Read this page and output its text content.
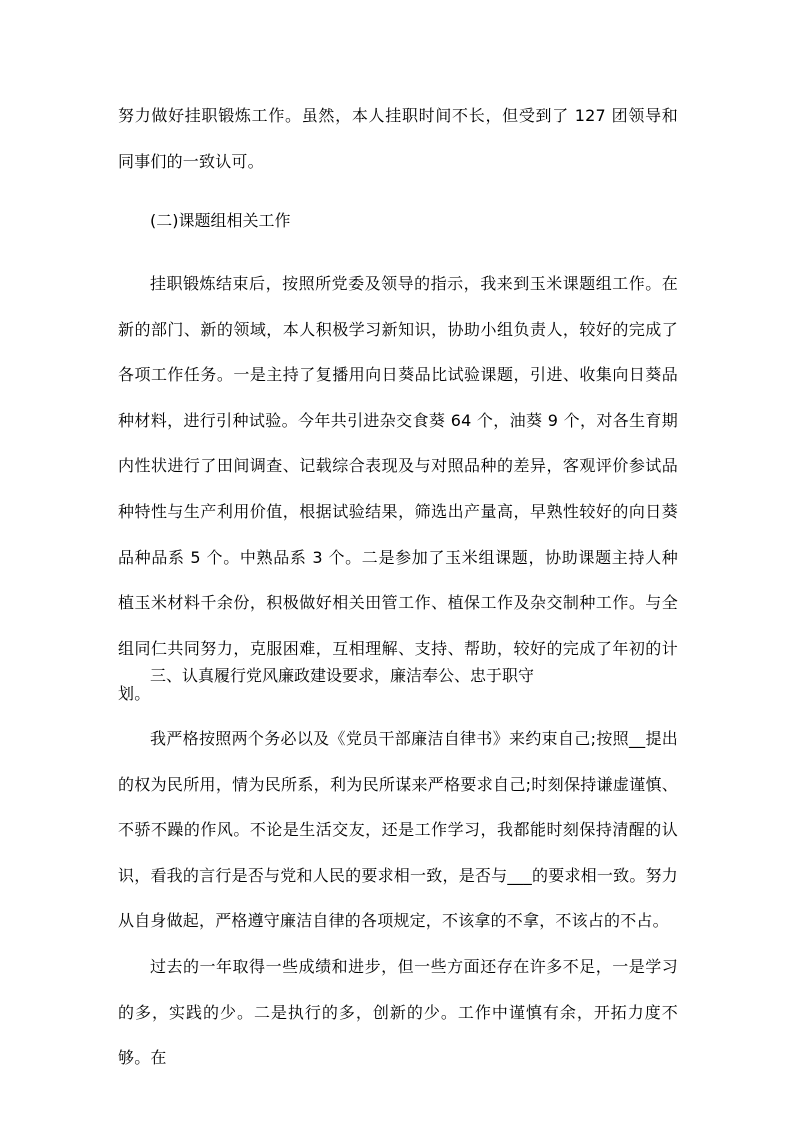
努力做好挂职锻炼工作。虽然，本人挂职时间不长，但受到了 127 团领导和同事们的一致认可。

(二)课题组相关工作

挂职锻炼结束后，按照所党委及领导的指示，我来到玉米课题组工作。在新的部门、新的领域，本人积极学习新知识，协助小组负责人，较好的完成了各项工作任务。一是主持了复播用向日葵品比试验课题，引进、收集向日葵品种材料，进行引种试验。今年共引进杂交食葵 64 个，油葵 9 个，对各生育期内性状进行了田间调查、记载综合表现及与对照品种的差异，客观评价参试品种特性与生产利用价值，根据试验结果，筛选出产量高，早熟性较好的向日葵品种品系 5 个。中熟品系 3 个。二是参加了玉米组课题，协助课题主持人种植玉米材料千余份，积极做好相关田管工作、植保工作及杂交制种工作。与全组同仁共同努力，克服困难，互相理解、支持、帮助，较好的完成了年初的计划。

三、认真履行党风廉政建设要求，廉洁奉公、忠于职守

我严格按照两个务必以及《党员干部廉洁自律书》来约束自己;按照__提出的权为民所用，情为民所系，利为民所谋来严格要求自己;时刻保持谦虚谨慎、不骄不躁的作风。不论是生活交友，还是工作学习，我都能时刻保持清醒的认识，看我的言行是否与党和人民的要求相一致，是否与___的要求相一致。努力从自身做起，严格遵守廉洁自律的各项规定，不该拿的不拿，不该占的不占。

过去的一年取得一些成绩和进步，但一些方面还存在许多不足，一是学习的多，实践的少。二是执行的多，创新的少。工作中谨慎有余，开拓力度不够。在
